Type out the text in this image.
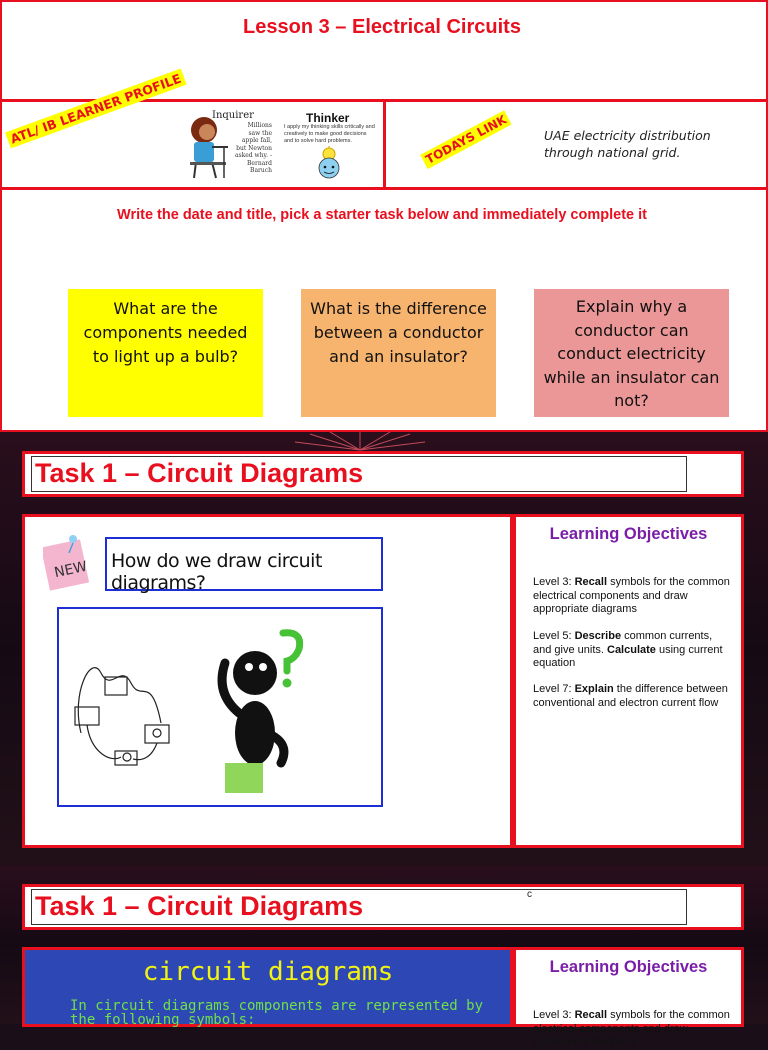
Lesson 3 – Electrical Circuits
ATL/ IB LEARNER PROFILE	Inquirer
Millions saw the apple fall, but Newton asked why. -Bernard Baruch
Thinker
I apply my thinking skills critically and creatively to make good decisions and to solve hard problems.	TODAYS LINK	UAE electricity distribution through national grid.
Write the date and title, pick a starter task below and immediately complete it
What are the components needed to light up a bulb?
What is the difference between a conductor and an insulator?
Explain why a conductor can conduct electricity while an insulator can not?
Task 1 – Circuit Diagrams
NEW	How do we draw circuit diagrams?
Learning Objectives
Level 3: Recall symbols for the common electrical components and draw appropriate diagrams
Level 5: Describe common currents, and give units. Calculate using current equation
Level 7: Explain the difference between conventional and electron current flow
Task 1 – Circuit Diagrams	c
circuit diagrams
In circuit diagrams components are represented by the following symbols:
Learning Objectives
Level 3: Recall symbols for the common electrical components and draw appropriate diagrams
